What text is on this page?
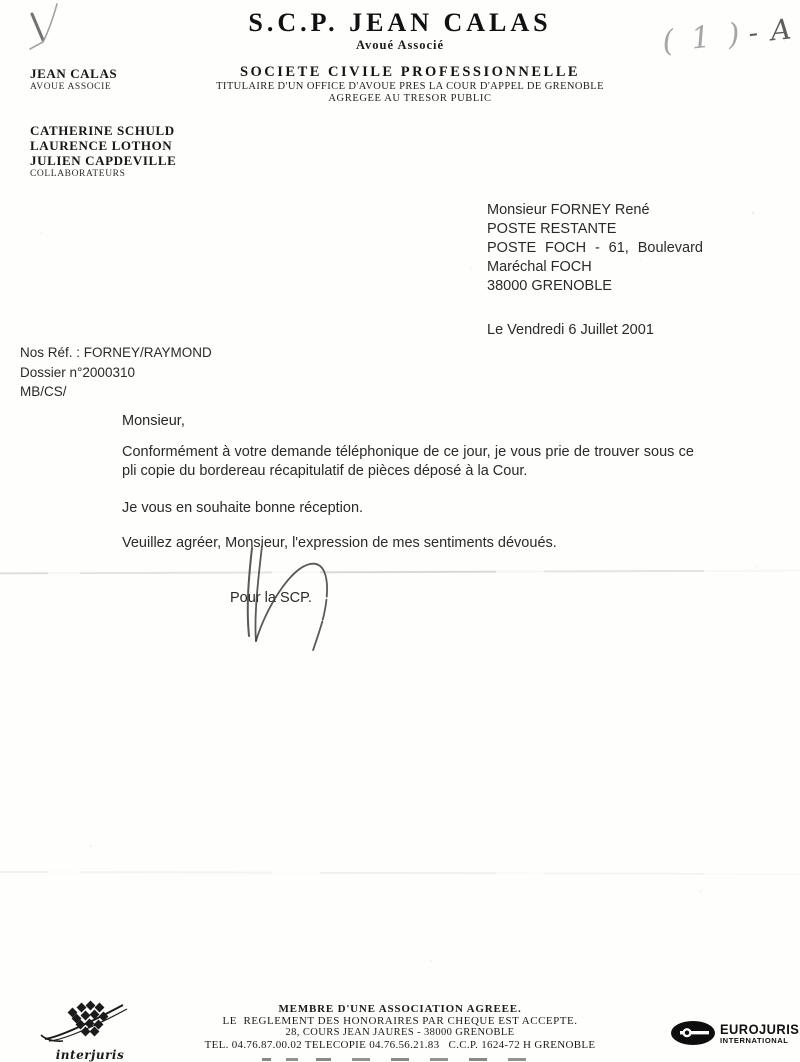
( 1 ) - A
S.C.P. JEAN CALAS
Avoué Associé
SOCIETE CIVILE PROFESSIONNELLE
TITULAIRE D'UN OFFICE D'AVOUE PRES LA COUR D'APPEL DE GRENOBLE
AGREGEE AU TRESOR PUBLIC
JEAN CALAS
AVOUE ASSOCIE
CATHERINE SCHULD
LAURENCE LOTHON
JULIEN CAPDEVILLE
COLLABORATEURS
Monsieur FORNEY René
POSTE RESTANTE
POSTE FOCH - 61, Boulevard
Maréchal FOCH
38000 GRENOBLE
Le Vendredi 6 Juillet 2001
Nos Réf. : FORNEY/RAYMOND
Dossier n°2000310
MB/CS/
Monsieur,
Conformément à votre demande téléphonique de ce jour, je vous prie de trouver sous ce pli copie du bordereau récapitulatif de pièces déposé à la Cour.
Je vous en souhaite bonne réception.
Veuillez agréer, Monsieur, l'expression de mes sentiments dévoués.
Pour la SCP.
MEMBRE D'UNE ASSOCIATION AGREEE.
LE  REGLEMENT DES HONORAIRES PAR CHEQUE EST ACCEPTE.
28, COURS JEAN JAURES - 38000 GRENOBLE
TEL. 04.76.87.00.02 TELECOPIE 04.76.56.21.83   C.C.P. 1624-72 H GRENOBLE
interjuris
EUROJURIS
INTERNATIONAL
